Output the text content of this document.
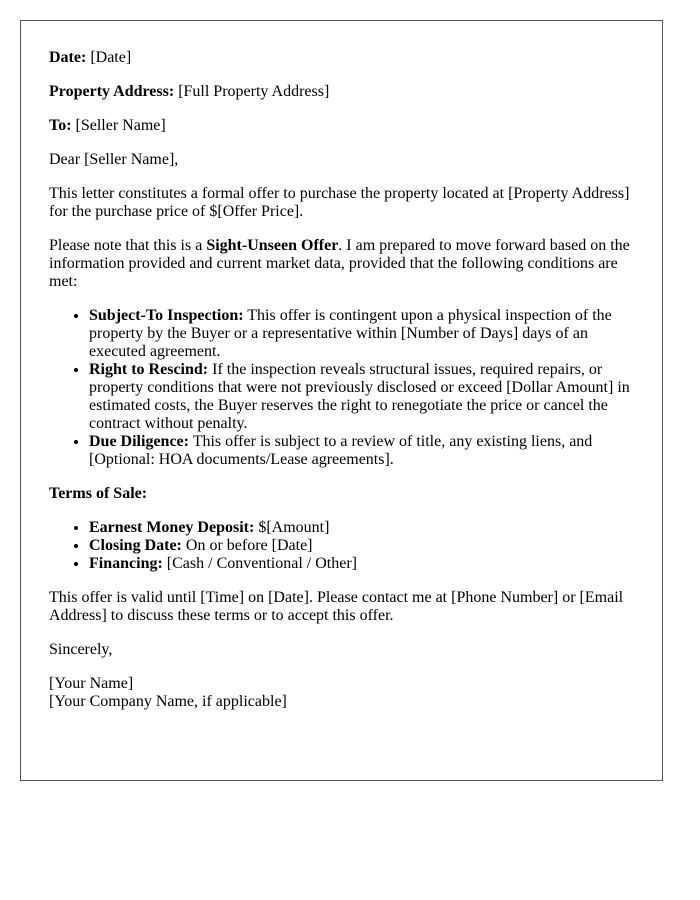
Date: [Date]

Property Address: [Full Property Address]

To: [Seller Name]

Dear [Seller Name],

This letter constitutes a formal offer to purchase the property located at [Property Address] for the purchase price of $[Offer Price].

Please note that this is a Sight-Unseen Offer. I am prepared to move forward based on the information provided and current market data, provided that the following conditions are met:

• Subject-To Inspection: This offer is contingent upon a physical inspection of the property by the Buyer or a representative within [Number of Days] days of an executed agreement.
• Right to Rescind: If the inspection reveals structural issues, required repairs, or property conditions that were not previously disclosed or exceed [Dollar Amount] in estimated costs, the Buyer reserves the right to renegotiate the price or cancel the contract without penalty.
• Due Diligence: This offer is subject to a review of title, any existing liens, and [Optional: HOA documents/Lease agreements].

Terms of Sale:

• Earnest Money Deposit: $[Amount]
• Closing Date: On or before [Date]
• Financing: [Cash / Conventional / Other]

This offer is valid until [Time] on [Date]. Please contact me at [Phone Number] or [Email Address] to discuss these terms or to accept this offer.

Sincerely,

[Your Name]
[Your Company Name, if applicable]
